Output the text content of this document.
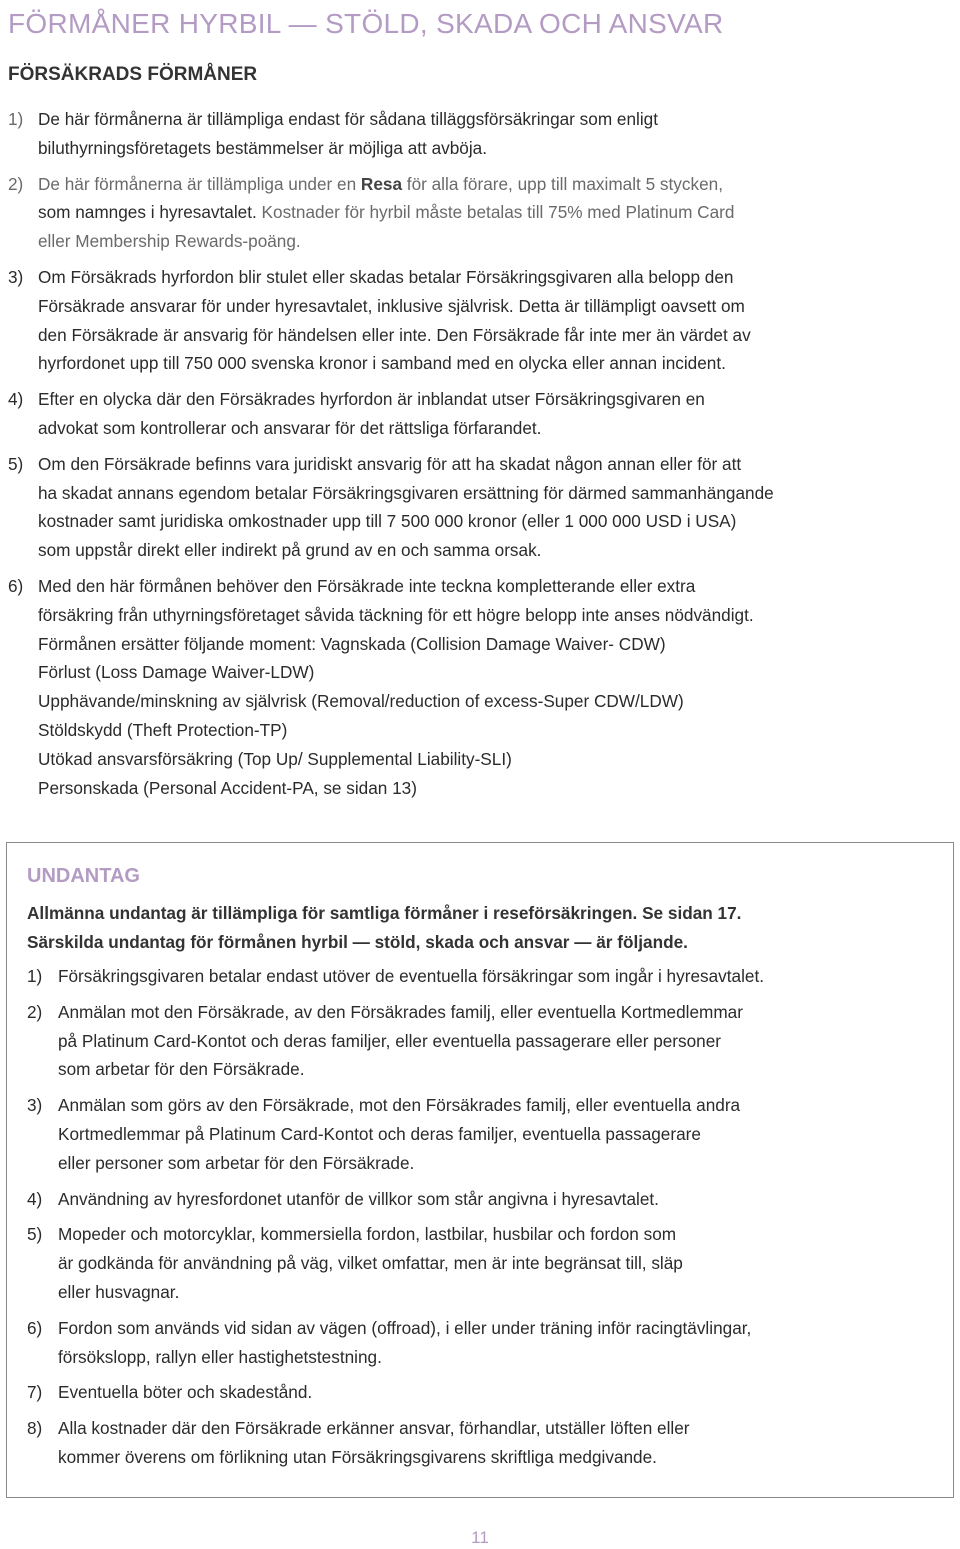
FÖRMÅNER HYRBIL — STÖLD, SKADA OCH ANSVAR
FÖRSÄKRADS FÖRMÅNER
1) De här förmånerna är tillämpliga endast för sådana tilläggsförsäkringar som enligt
biluthyrningsföretagets bestämmelser är möjliga att avböja.
2) De här förmånerna är tillämpliga under en Resa för alla förare, upp till maximalt 5 stycken,
som namnges i hyresavtalet. Kostnader för hyrbil måste betalas till 75% med Platinum Card
eller Membership Rewards-poäng.
3) Om Försäkrads hyrfordon blir stulet eller skadas betalar Försäkringsgivaren alla belopp den
Försäkrade ansvarar för under hyresavtalet, inklusive självrisk. Detta är tillämpligt oavsett om
den Försäkrade är ansvarig för händelsen eller inte. Den Försäkrade får inte mer än värdet av
hyrfordonet upp till 750 000 svenska kronor i samband med en olycka eller annan incident.
4) Efter en olycka där den Försäkrades hyrfordon är inblandat utser Försäkringsgivaren en
advokat som kontrollerar och ansvarar för det rättsliga förfarandet.
5) Om den Försäkrade befinns vara juridiskt ansvarig för att ha skadat någon annan eller för att
ha skadat annans egendom betalar Försäkringsgivaren ersättning för därmed sammanhängande
kostnader samt juridiska omkostnader upp till 7 500 000 kronor (eller 1 000 000 USD i USA)
som uppstår direkt eller indirekt på grund av en och samma orsak.
6) Med den här förmånen behöver den Försäkrade inte teckna kompletterande eller extra
försäkring från uthyrningsföretaget såvida täckning för ett högre belopp inte anses nödvändigt.
Förmånen ersätter följande moment: Vagnskada (Collision Damage Waiver- CDW)
Förlust (Loss Damage Waiver-LDW)
Upphävande/minskning av självrisk (Removal/reduction of excess-Super CDW/LDW)
Stöldskydd (Theft Protection-TP)
Utökad ansvarsförsäkring (Top Up/ Supplemental Liability-SLI)
Personskada (Personal Accident-PA, se sidan 13)
UNDANTAG
Allmänna undantag är tillämpliga för samtliga förmåner i reseförsäkringen. Se sidan 17.
Särskilda undantag för förmånen hyrbil — stöld, skada och ansvar — är följande.
1) Försäkringsgivaren betalar endast utöver de eventuella försäkringar som ingår i hyresavtalet.
2) Anmälan mot den Försäkrade, av den Försäkrades familj, eller eventuella Kortmedlemmar
på Platinum Card-Kontot och deras familjer, eller eventuella passagerare eller personer
som arbetar för den Försäkrade.
3) Anmälan som görs av den Försäkrade, mot den Försäkrades familj, eller eventuella andra
Kortmedlemmar på Platinum Card-Kontot och deras familjer, eventuella passagerare
eller personer som arbetar för den Försäkrade.
4) Användning av hyresfordonet utanför de villkor som står angivna i hyresavtalet.
5) Mopeder och motorcyklar, kommersiella fordon, lastbilar, husbilar och fordon som
är godkända för användning på väg, vilket omfattar, men är inte begränsat till, släp
eller husvagnar.
6) Fordon som används vid sidan av vägen (offroad), i eller under träning inför racingtävlingar,
försökslopp, rallyn eller hastighetstestning.
7) Eventuella böter och skadestånd.
8) Alla kostnader där den Försäkrade erkänner ansvar, förhandlar, utställer löften eller
kommer överens om förlikning utan Försäkringsgivarens skriftliga medgivande.
11
